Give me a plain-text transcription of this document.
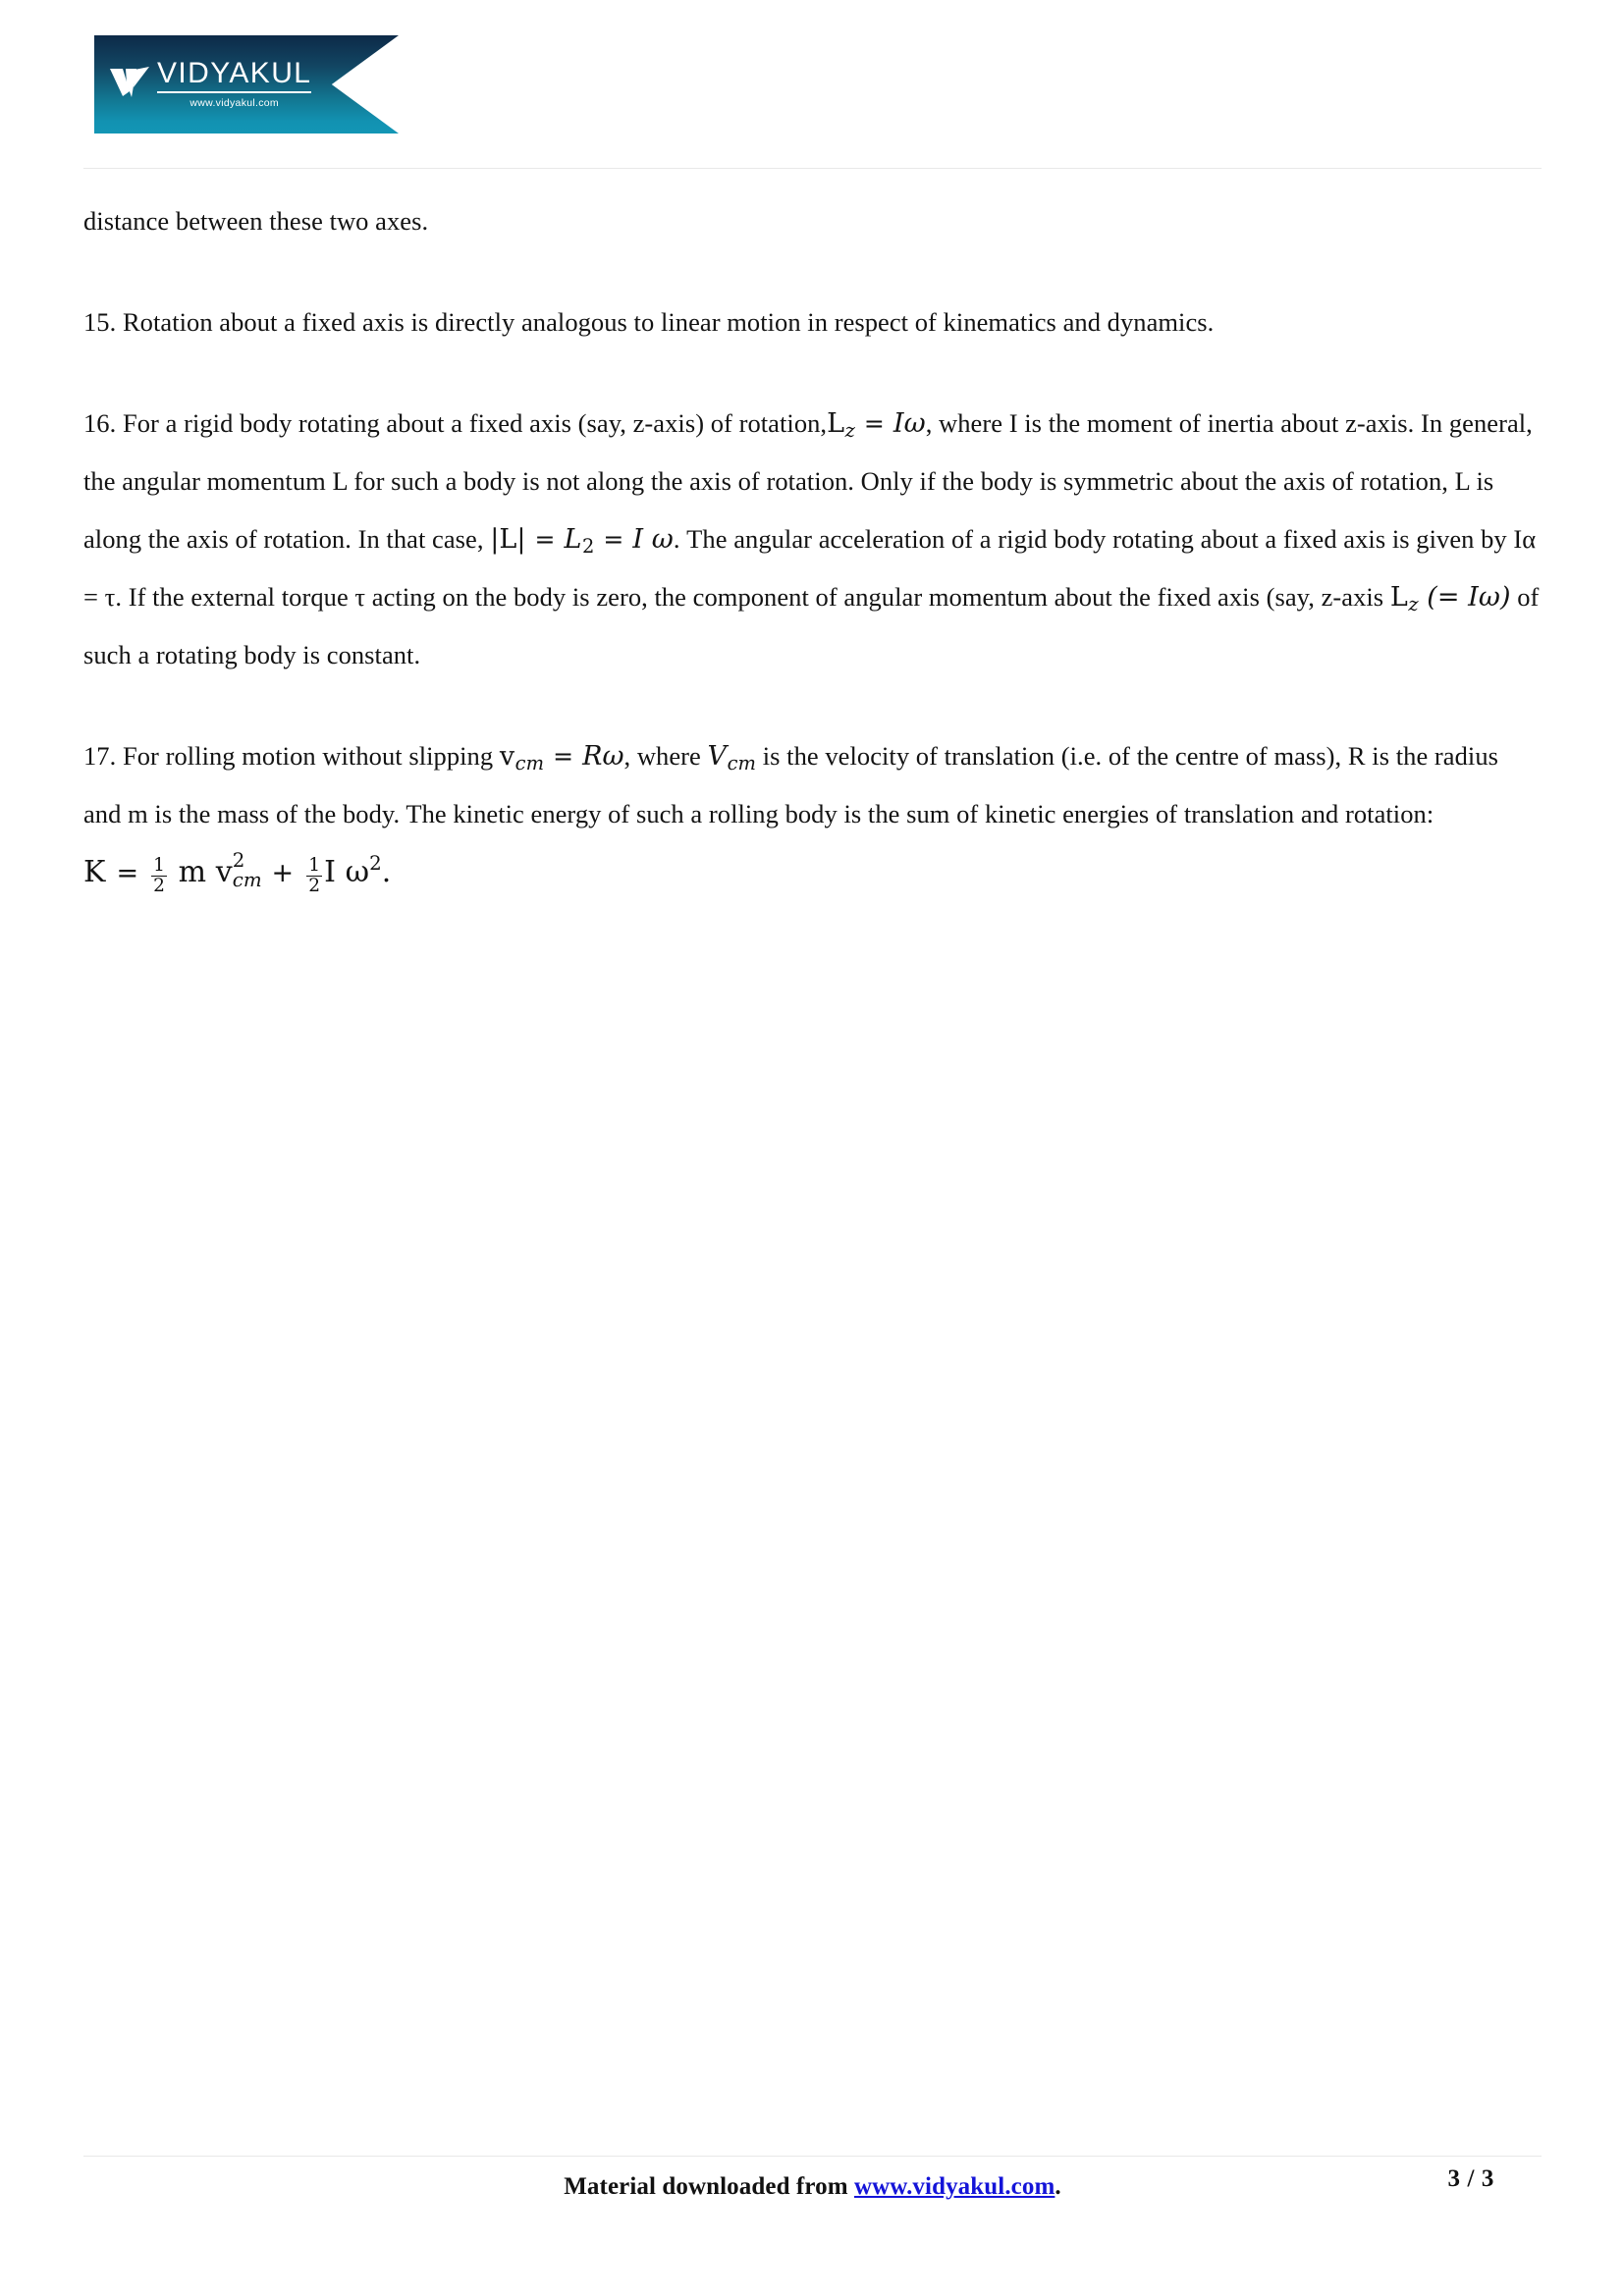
VIDYAKUL
www.vidyakul.com

distance between these two axes.

15. Rotation about a fixed axis is directly analogous to linear motion in respect of kinematics and dynamics.

16. For a rigid body rotating about a fixed axis (say, z-axis) of $rotation,L_z = I\omega$, where I is the moment of inertia about z-axis. In general, the angular momentum L for such a body is not along the axis of rotation. Only if the body is symmetric about the axis of rotation, L is along the axis of rotation. In that case, $|L| = L_2 = I$ ω. The angular acceleration of a rigid body rotating about a fixed axis is given by Iα = τ. If the external torque τ acting on the body is zero, the component of angular momentum about the fixed axis (say, z-axis $L_z$ (= Iω) of such a rotating body is constant.

17. For rolling motion without slipping $v_{cm} = R\omega$, where $V_{cm}$ is the velocity of translation (i.e. of the centre of mass), R is the radius and m is the mass of the body. The kinetic energy of such a rolling body is the sum of kinetic energies of translation and rotation: $K = \frac{1}{2}$ m v 2
cm + $\frac{1}{2}$ I $\omega^2$.

Material downloaded from www.vidyakul.com.	3 / 3
